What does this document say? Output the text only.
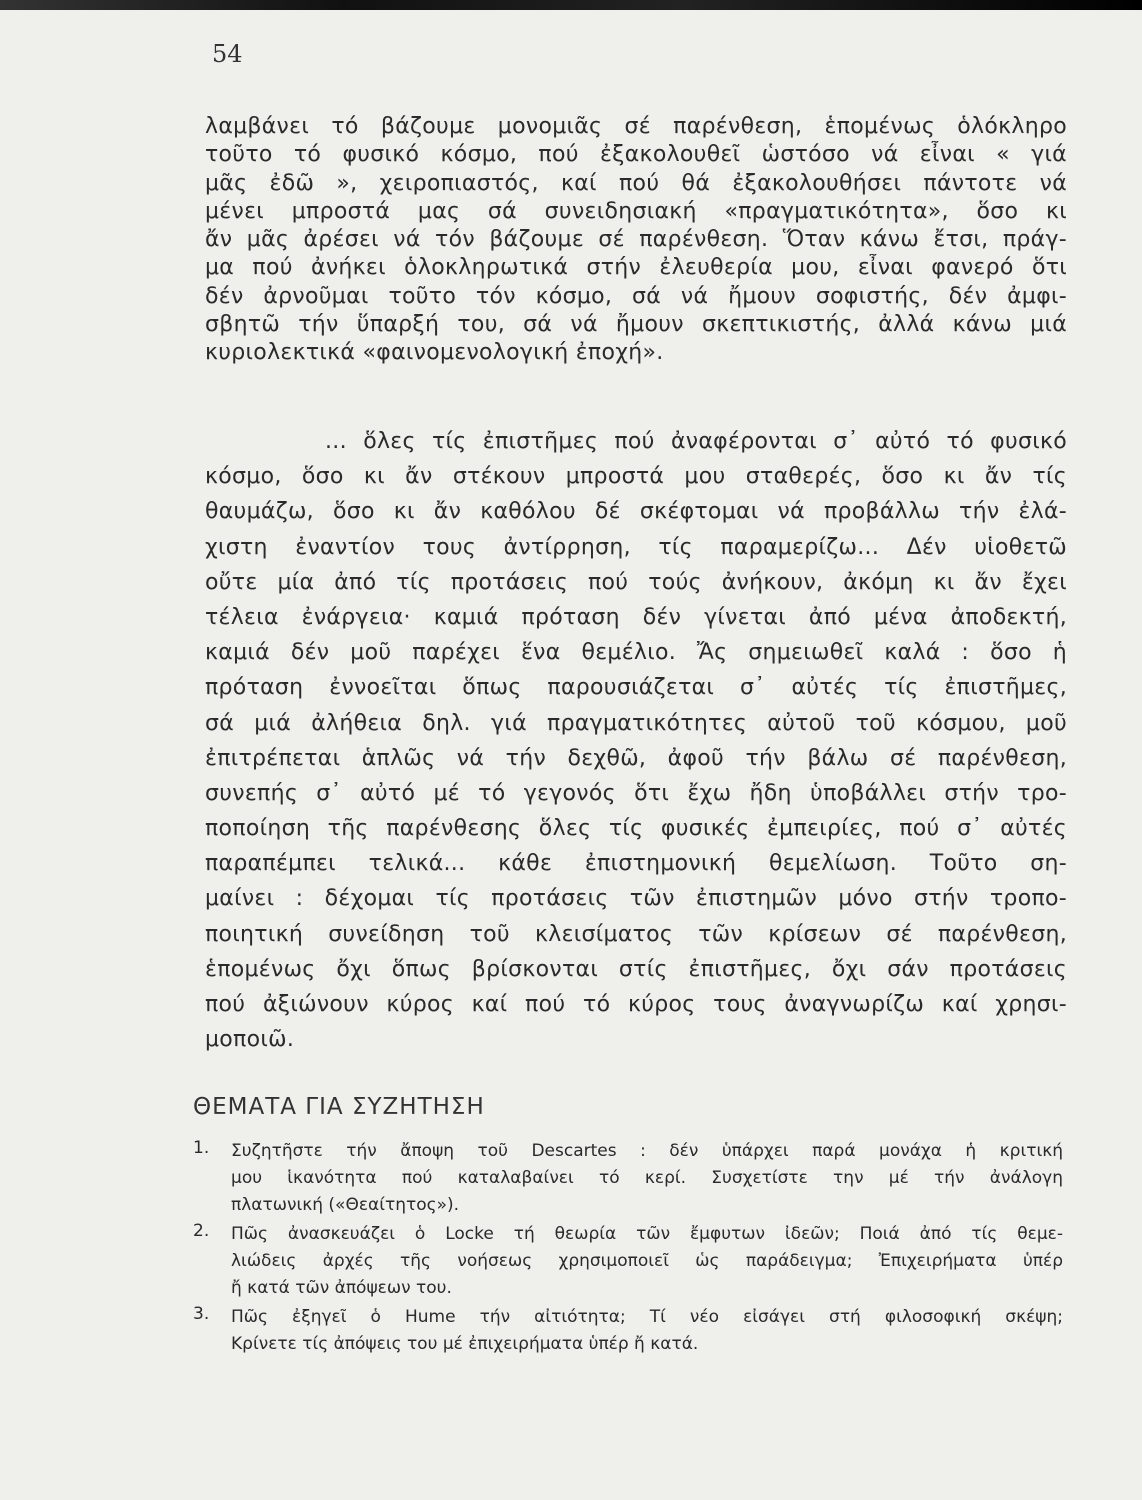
54
λαμβάνει τό βάζουμε μονομιᾶς σέ παρένθεση, ἑπομένως ὁλόκληρο
τοῦτο τό φυσικό κόσμο, πού ἐξακολουθεῖ ὡστόσο νά εἶναι « γιά
μᾶς ἐδῶ », χειροπιαστός, καί πού θά ἐξακολουθήσει πάντοτε νά
μένει μπροστά μας σά συνειδησιακή «πραγματικότητα», ὅσο κι
ἄν μᾶς ἀρέσει νά τόν βάζουμε σέ παρένθεση. Ὅταν κάνω ἔτσι, πράγ-
μα πού ἀνήκει ὁλοκληρωτικά στήν ἐλευθερία μου, εἶναι φανερό ὅτι
δέν ἀρνοῦμαι τοῦτο τόν κόσμο, σά νά ἤμουν σοφιστής, δέν ἀμφι-
σβητῶ τήν ὕπαρξή του, σά νά ἤμουν σκεπτικιστής, ἀλλά κάνω μιά
κυριολεκτικά «φαινομενολογική ἐποχή».
... ὅλες τίς ἐπιστῆμες πού ἀναφέρονται σ᾽ αὐτό τό φυσικό
κόσμο, ὅσο κι ἄν στέκουν μπροστά μου σταθερές, ὅσο κι ἄν τίς
θαυμάζω, ὅσο κι ἄν καθόλου δέ σκέφτομαι νά προβάλλω τήν ἐλά-
χιστη ἐναντίον τους ἀντίρρηση, τίς παραμερίζω... Δέν υἱοθετῶ
οὔτε μία ἀπό τίς προτάσεις πού τούς ἀνήκουν, ἀκόμη κι ἄν ἔχει
τέλεια ἐνάργεια· καμιά πρόταση δέν γίνεται ἀπό μένα ἀποδεκτή,
καμιά δέν μοῦ παρέχει ἕνα θεμέλιο. Ἄς σημειωθεῖ καλά : ὅσο ἡ
πρόταση ἐννοεῖται ὅπως παρουσιάζεται σ᾽ αὐτές τίς ἐπιστῆμες,
σά μιά ἀλήθεια δηλ. γιά πραγματικότητες αὐτοῦ τοῦ κόσμου, μοῦ
ἐπιτρέπεται ἁπλῶς νά τήν δεχθῶ, ἀφοῦ τήν βάλω σέ παρένθεση,
συνεπής σ᾽ αὐτό μέ τό γεγονός ὅτι ἔχω ἤδη ὑποβάλλει στήν τρο-
ποποίηση τῆς παρένθεσης ὅλες τίς φυσικές ἐμπειρίες, πού σ᾽ αὐτές
παραπέμπει τελικά... κάθε ἐπιστημονική θεμελίωση. Τοῦτο ση-
μαίνει : δέχομαι τίς προτάσεις τῶν ἐπιστημῶν μόνο στήν τροπο-
ποιητική συνείδηση τοῦ κλεισίματος τῶν κρίσεων σέ παρένθεση,
ἑπομένως ὄχι ὅπως βρίσκονται στίς ἐπιστῆμες, ὄχι σάν προτάσεις
πού ἀξιώνουν κύρος καί πού τό κύρος τους ἀναγνωρίζω καί χρησι-
μοποιῶ.
ΘΕΜΑΤΑ ΓΙΑ ΣΥΖΗΤΗΣΗ
1. Συζητῆστε τήν ἄποψη τοῦ Descartes : δέν ὑπάρχει παρά μονάχα ἡ κριτική
μου ἱκανότητα πού καταλαβαίνει τό κερί. Συσχετίστε την μέ τήν ἀνάλογη
πλατωνική («Θεαίτητος»).
2. Πῶς ἀνασκευάζει ὁ Locke τή θεωρία τῶν ἔμφυτων ἰδεῶν; Ποιά ἀπό τίς θεμε-
λιώδεις ἀρχές τῆς νοήσεως χρησιμοποιεῖ ὡς παράδειγμα; Ἐπιχειρήματα ὑπέρ
ἤ κατά τῶν ἀπόψεων του.
3. Πῶς ἐξηγεῖ ὁ Hume τήν αἰτιότητα; Τί νέο εἰσάγει στή φιλοσοφική σκέψη;
Κρίνετε τίς ἀπόψεις του μέ ἐπιχειρήματα ὑπέρ ἤ κατά.
